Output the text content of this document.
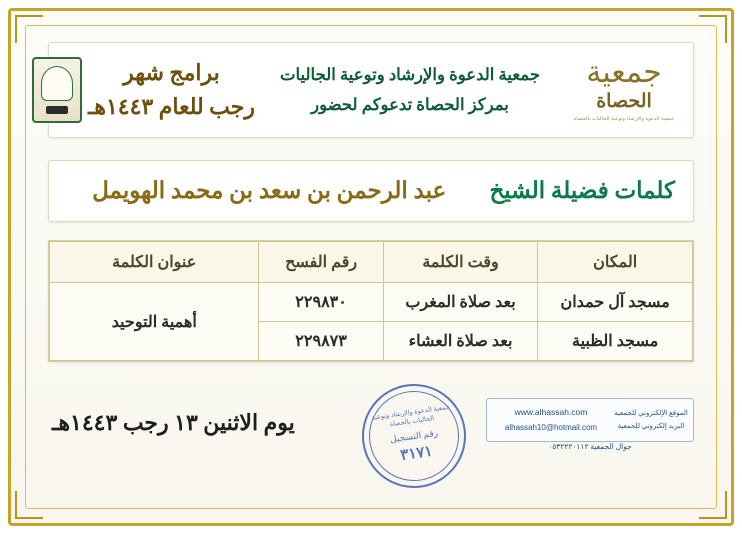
جمعية
الحصاة
جمعية الدعوة والإرشاد وتوعية الجاليات بالحصاة
جمعية الدعوة والإرشاد وتوعية الجاليات
بمركز الحصاة تدعوكم لحضور
برامج شهر
رجب للعام ١٤٤٣هـ
كلمات فضيلة الشيخ
عبد الرحمن بن سعد بن محمد الهويمل
المكان	وقت الكلمة	رقم الفسح	عنوان الكلمة
مسجد آل حمدان	بعد صلاة المغرب	٢٢٩٨٣٠	أهمية التوحيد
مسجد الظبية	بعد صلاة العشاء	٢٢٩٨٧٣	
يوم الاثنين ١٣ رجب ١٤٤٣هـ	جمعية الدعوة والإرشاد وتوعية الجاليات بالحصاة
رقم التسجيل
٣١٧١
الموقع الإلكتروني للجمعية
البريد إلكتروني للجمعية
www.alhassah.com
alhassah10@hotmail.com
جوال الجمعية ٠٥٣٢٢٢٠١١٢
